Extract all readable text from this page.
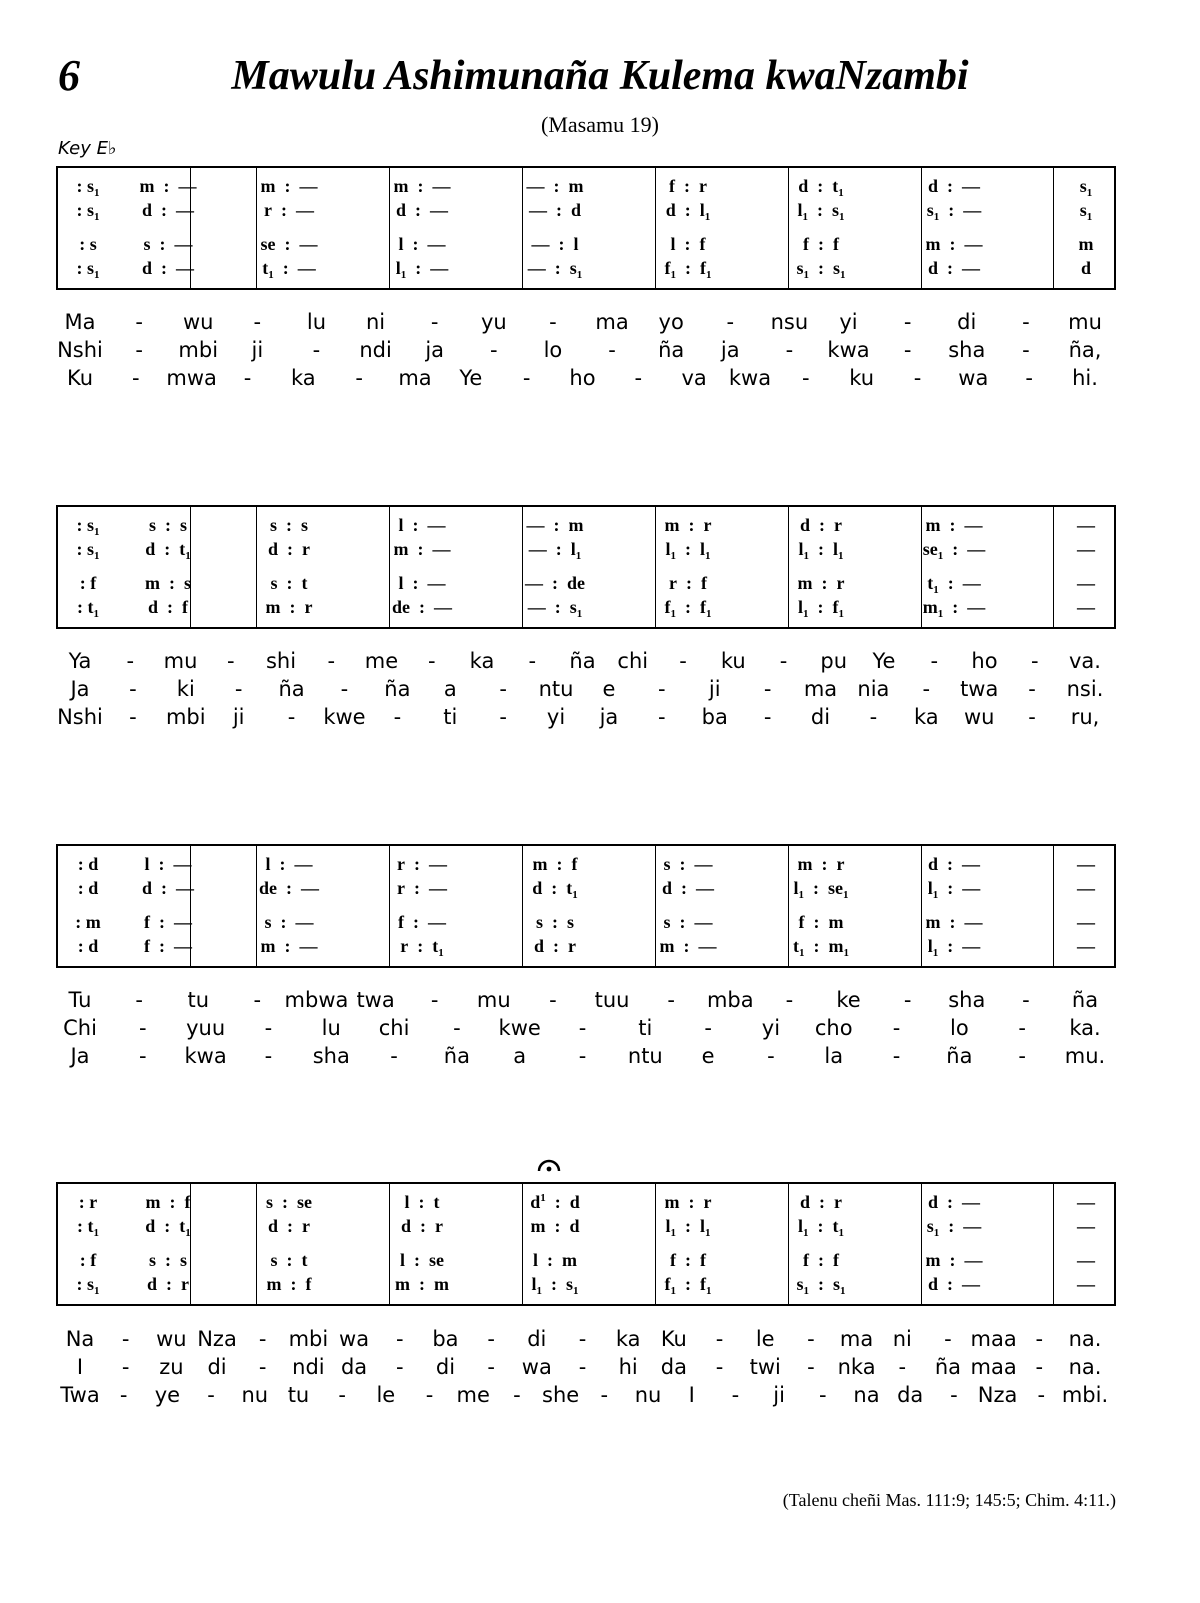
6	Mawulu Ashimunaña Kulema kwaNzambi
(Masamu 19)
Key E♭
: $s_1$ m  :  —	m  :  —	m  :  —	—  :  m	f  :  r	d  :  $t_1$	d  :  —	$s_1$
: $s_1$ d  :  —	r  :  —	d  :  —	—  :  d	d  :  $l_1$	$l_1$  :  $s_1$	$s_1$  :  —	$s_1$
: s	s  :  —	se  :  —	l  :  —	—  :  l	l  :  f	f  :  f	m  :  —	m
: $s_1$ d  :  —	$t_1$  :  —	$l_1$  :  —	—  :  $s_1$	$f_1$  :  $f_1$	$s_1$  :  $s_1$	d  :  —	d
Ma - wu - lu ni - yu - ma yo - nsu yi - di - mu
Nshi - mbi ji - ndi ja - lo - ña ja - kwa - sha - ña,
Ku - mwa - ka - ma Ye - ho - va kwa - ku - wa - hi.
: $s_1$	s  :  s	s  :  s	l  :  —	—  :  m	m  :  r	d  :  r	m  :  —	—
: $s_1$	d  :  $t_1$	d  :  r	m  :  —	—  :  $l_1$	$l_1$  :  $l_1$	$l_1$  :  $l_1$	$se_1$  :  —	—
: f	m  :  s	s  :  t	l  :  —	—  :  de	r  :  f	m  :  r	$t_1$  :  —	—
: $t_1$	d  :  f	m  :  r	de  :  —	—  :  $s_1$	$f_1$  :  $f_1$	$l_1$  :  $f_1$	$m_1$  :  —	—
Ya - mu - shi - me - ka - ña chi - ku - pu Ye - ho - va.
Ja - ki - ña - ña a - ntu e - ji - ma nia - twa - nsi.
Nshi - mbi ji - kwe - ti - yi ja - ba - di - ka wu - ru,
: d	l  :  —	l  :  —	r  :  —	m  :  f	s  :  —	m  :  r	d  :  —	—
: d d  :  —	de  :  —	r  :  —	d  :  $t_1$	d  :  —	$l_1$  :  $se_1$	$l_1$  :  —	—
: m f  :  —	s  :  —	f  :  —	s  :  s	s  :  —	f  :  m	m  :  —	—
: d	f  :  —	m  :  —	r  :  $t_1$	d  :  r	m  :  —	$t_1$  :  $m_1$	$l_1$  :  —	—
Tu - tu - mbwa twa - mu - tuu - mba - ke - sha - ña
Chi - yuu - lu chi - kwe - ti - yi cho - lo - ka.
Ja - kwa - sha - ña a	- ntu e	- la - ña - mu.
: r	m  :  f	s  :  se	l  :  t	$d^1$  :  d	m  :  r	d  :  r	d  :  —	—
: $t_1$	d  :  $t_1$	d  :  r	d  :  r	m  :  d	$l_1$  :  $l_1$	$l_1$  :  $t_1$	$s_1$  :  —	—
: f	s  :  s	s  :  t	l  :  se	l  :  m	f  :  f	f  :  f	m  :  —	—
: $s_1$	d  :  r	m  :  f	m  :  m	$l_1$  :  $s_1$	$f_1$  :  $f_1$	$s_1$  :  $s_1$	d  :  —	—
Na - wu Nza - mbi wa - ba - di - ka Ku - le - ma ni - maa - na.
I - zu di - ndi da - di - wa - hi da - twi - nka - ña maa - na.
Twa - ye - nu tu - le - me - she - nu I - ji - na da - Nza - mbi.
(Talenu cheñi Mas. 111:9; 145:5; Chim. 4:11.)
